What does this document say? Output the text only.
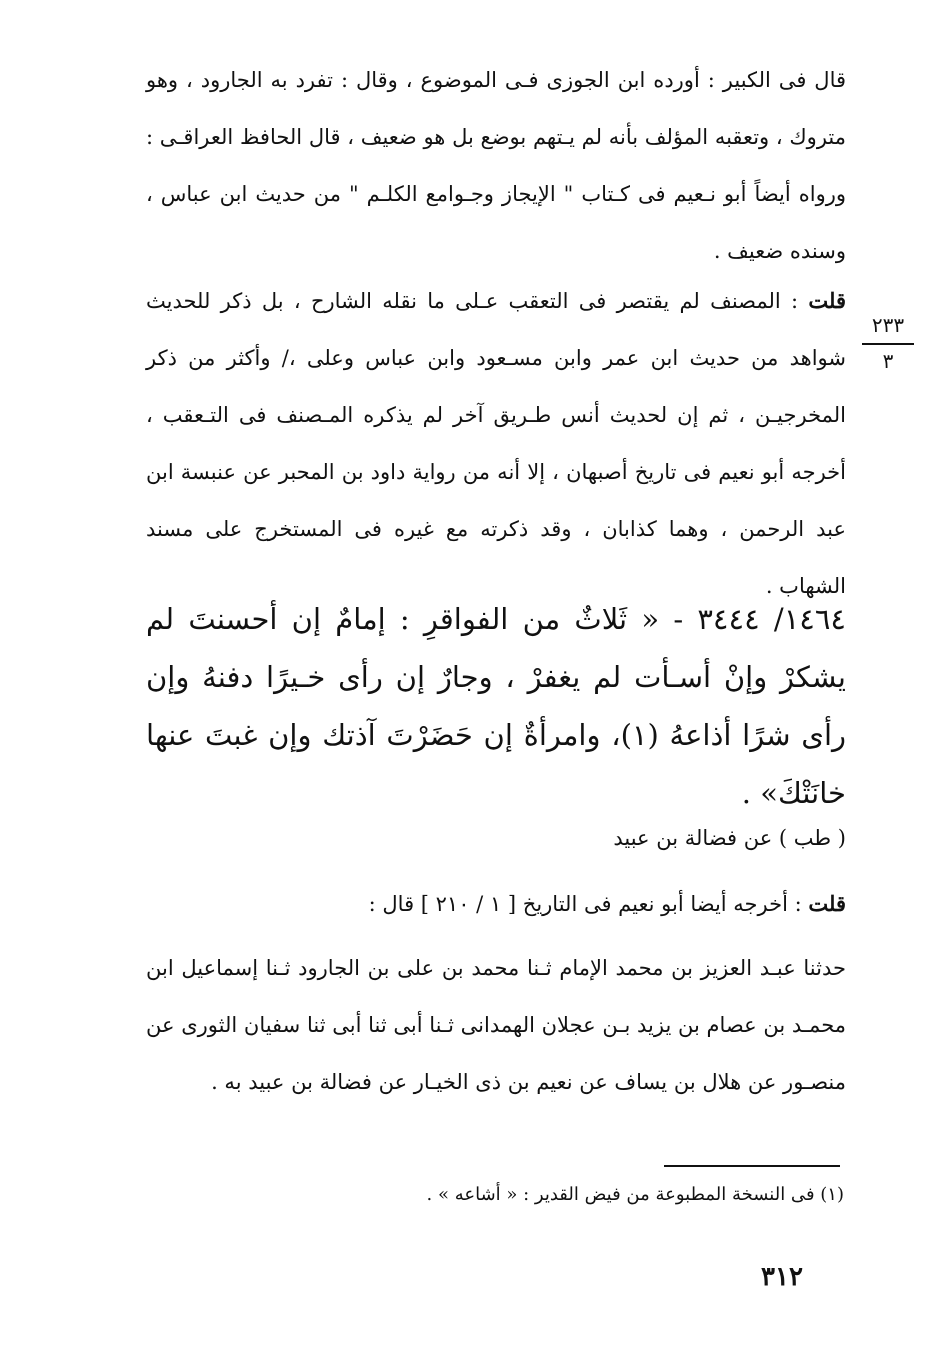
قال فى الكبير : أورده ابن الجوزى فـى الموضوع ، وقال : تفرد به الجارود ، وهو متروك ، وتعقبه المؤلف بأنه لم يـتهم بوضع بل هو ضعيف ، قال الحافظ العراقـى : ورواه أيضاً أبو نـعيم فى كـتاب " الإيجاز وجـوامع الكلـم " من حديث ابن عباس ، وسنده ضعيف .

قلت : المصنف لم يقتصر فى التعقب عـلى ما نقله الشارح ، بل ذكر للحديث شواهد من حديث ابن عمر وابن مسـعود وابن عباس وعلى ،/ وأكثر من ذكر المخرجيـن ، ثم إن لحديث أنس طـريق آخر لم يذكره المـصنف فى التـعقب ، أخرجه أبو نعيم فى تاريخ أصبهان ، إلا أنه من رواية داود بن المحبر عن عنبسة ابن عبد الرحمن ، وهما كذابان ، وقد ذكرته مع غيره فى المستخرج على مسند الشهاب .

٢٣٣
٣

١٤٦٤/ ٣٤٤٤ - « ثَلاثٌ من الفواقرِ : إمامٌ إن أحسنتَ لم يشكرْ وإنْ أسـأت لم يغفرْ ، وجارٌ إن رأى خـيرًا دفنهُ وإن رأى شرًا أذاعهُ (١)، وامرأةٌ إن حَضَرْتَ آذتك وإن غبتَ عنها خانَتْكَ» .

( طب ) عن فضالة بن عبيد

قلت : أخرجه أيضا أبو نعيم فى التاريخ [ ١ / ٢١٠ ] قال :

حدثنا عبـد العزيز بن محمد الإمام ثـنا محمد بن على بن الجارود ثـنا إسماعيل ابن محمـد بن عصام بن يزيد بـن عجلان الهمدانى ثـنا أبى ثنا أبى ثنا سفيان الثورى عن منصـور عن هلال بن يساف عن نعيم بن ذى الخيـار عن فضالة بن عبيد به .

(١) فى النسخة المطبوعة من فيض القدير : « أشاعه » .

٣١٢
